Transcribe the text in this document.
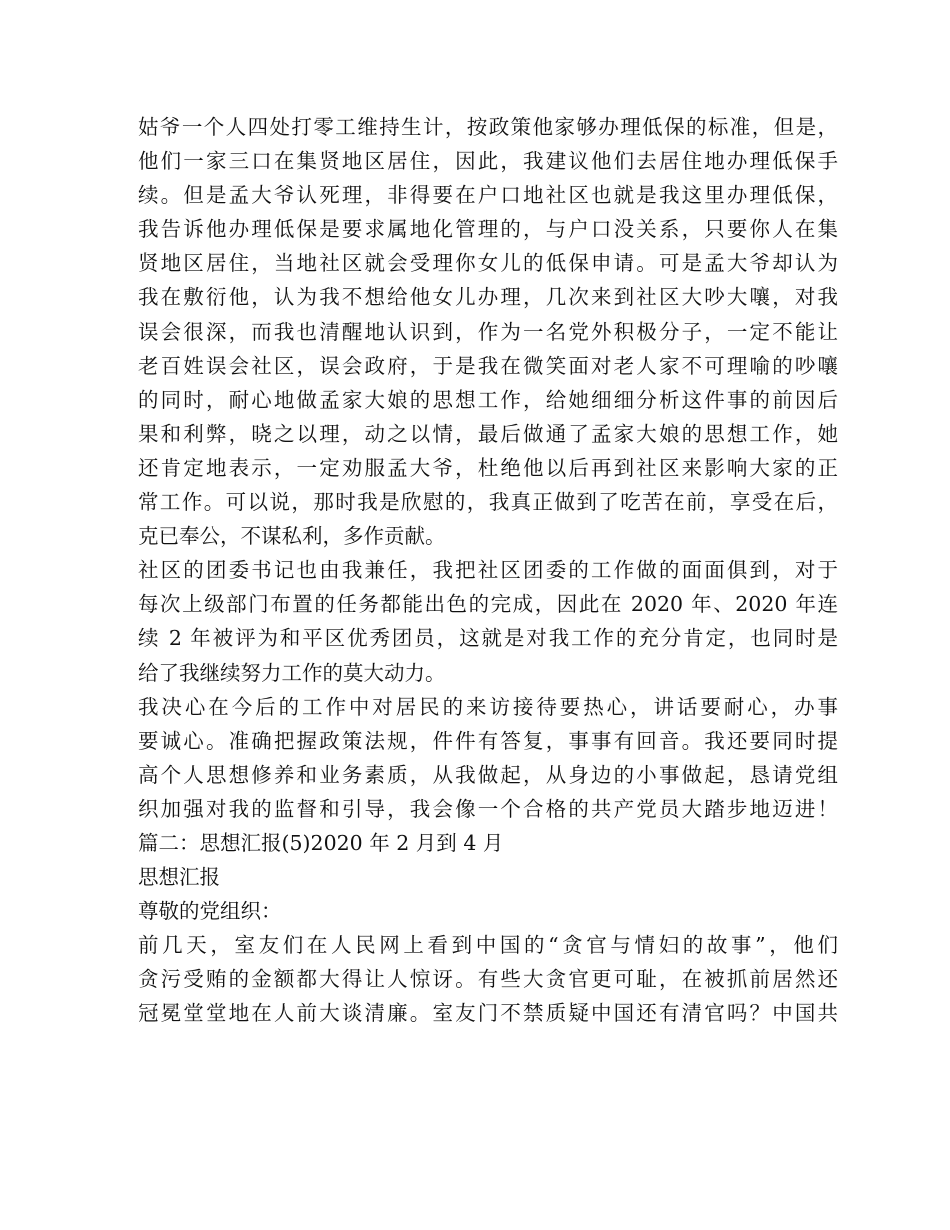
姑爷一个人四处打零工维持生计，按政策他家够办理低保的标准，但是，
他们一家三口在集贤地区居住，因此，我建议他们去居住地办理低保手
续。但是孟大爷认死理，非得要在户口地社区也就是我这里办理低保，
我告诉他办理低保是要求属地化管理的，与户口没关系，只要你人在集
贤地区居住，当地社区就会受理你女儿的低保申请。可是孟大爷却认为
我在敷衍他，认为我不想给他女儿办理，几次来到社区大吵大嚷，对我
误会很深，而我也清醒地认识到，作为一名党外积极分子，一定不能让
老百姓误会社区，误会政府，于是我在微笑面对老人家不可理喻的吵嚷
的同时，耐心地做孟家大娘的思想工作，给她细细分析这件事的前因后
果和利弊，晓之以理，动之以情，最后做通了孟家大娘的思想工作，她
还肯定地表示，一定劝服孟大爷，杜绝他以后再到社区来影响大家的正
常工作。可以说，那时我是欣慰的，我真正做到了吃苦在前，享受在后，
克已奉公，不谋私利，多作贡献。
社区的团委书记也由我兼任，我把社区团委的工作做的面面俱到，对于
每次上级部门布置的任务都能出色的完成，因此在 2020 年、2020 年连
续 2 年被评为和平区优秀团员，这就是对我工作的充分肯定，也同时是
给了我继续努力工作的莫大动力。
我决心在今后的工作中对居民的来访接待要热心，讲话要耐心，办事
要诚心。准确把握政策法规，件件有答复，事事有回音。我还要同时提
高个人思想修养和业务素质，从我做起，从身边的小事做起，恳请党组
织加强对我的监督和引导，我会像一个合格的共产党员大踏步地迈进！
篇二：思想汇报(5)2020 年 2 月到 4 月
思想汇报
尊敬的党组织：
前几天，室友们在人民网上看到中国的“贪官与情妇的故事”，他们
贪污受贿的金额都大得让人惊讶。有些大贪官更可耻，在被抓前居然还
冠冕堂堂地在人前大谈清廉。室友门不禁质疑中国还有清官吗？中国共
